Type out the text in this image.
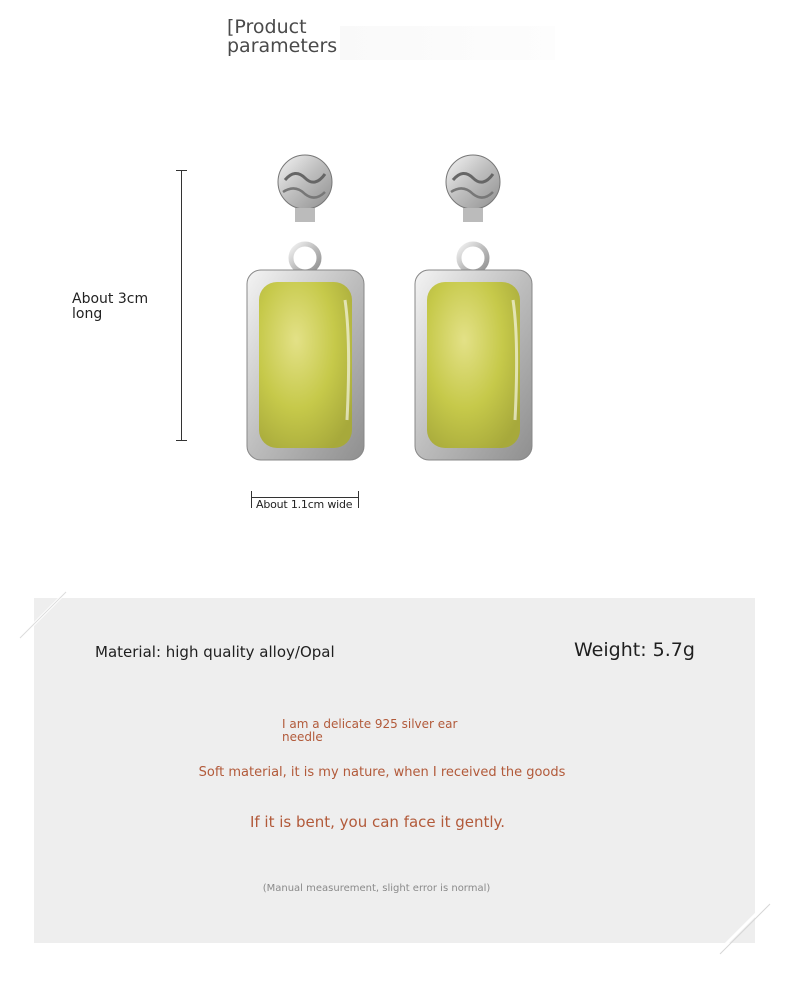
[Product parameters
About 3cm long
About 1.1cm wide
Material: high quality alloy/Opal	Weight: 5.7g
I am a delicate 925 silver ear needle
Soft material, it is my nature, when I received the goods
If it is bent, you can face it gently.
(Manual measurement, slight error is normal)
